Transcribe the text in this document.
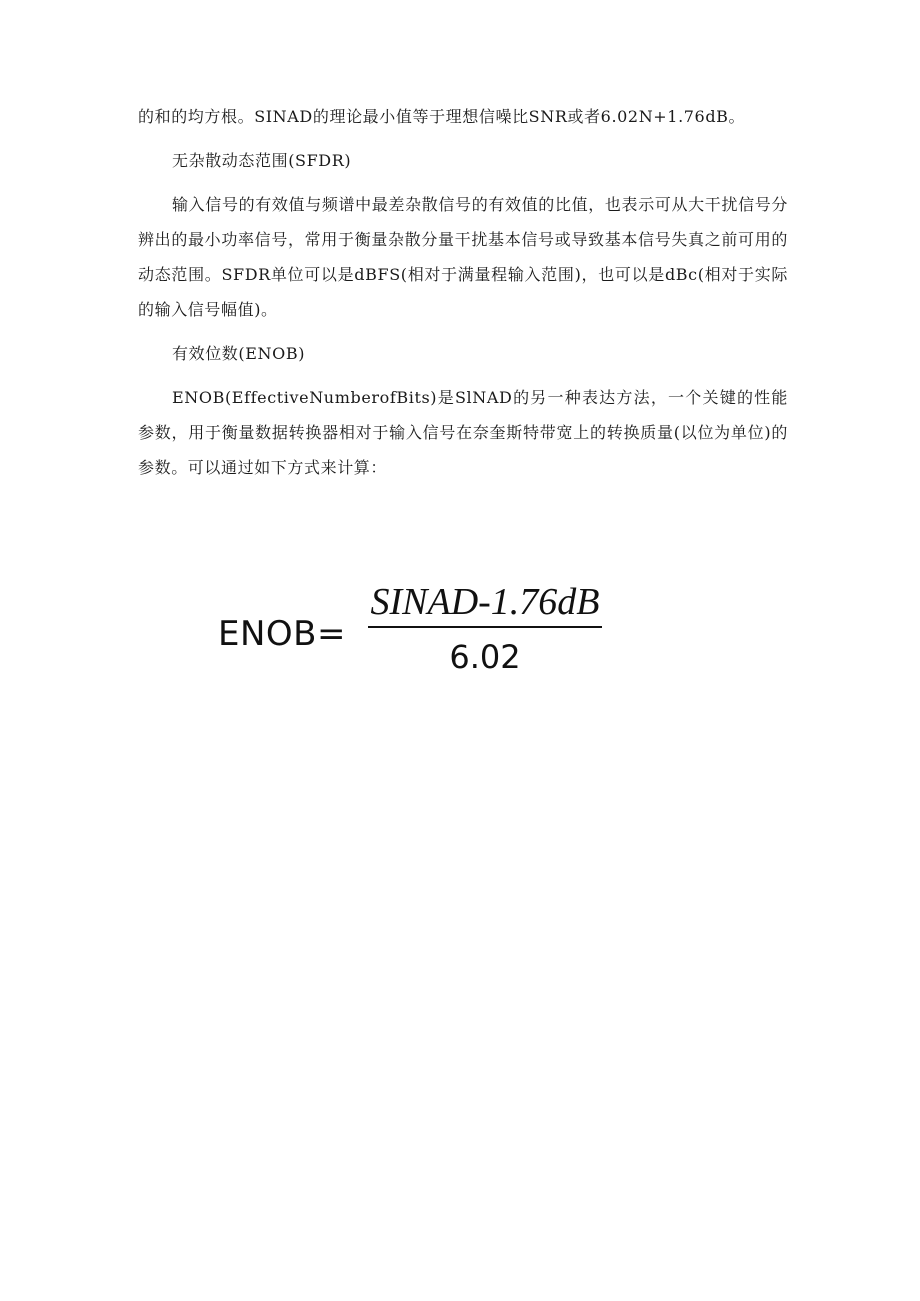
的和的均方根。SINAD的理论最小值等于理想信噪比SNR或者6.02N+1.76dB。

无杂散动态范围(SFDR)

输入信号的有效值与频谱中最差杂散信号的有效值的比值，也表示可从大干扰信号分辨出的最小功率信号，常用于衡量杂散分量干扰基本信号或导致基本信号失真之前可用的动态范围。SFDR单位可以是dBFS(相对于满量程输入范围)，也可以是dBc(相对于实际的输入信号幅值)。

有效位数(ENOB)

ENOB(EffectiveNumberofBits)是SlNAD的另一种表达方法，一个关键的性能参数，用于衡量数据转换器相对于输入信号在奈奎斯特带宽上的转换质量(以位为单位)的参数。可以通过如下方式来计算：

ENOB=
SINAD-1.76dB
6.02
